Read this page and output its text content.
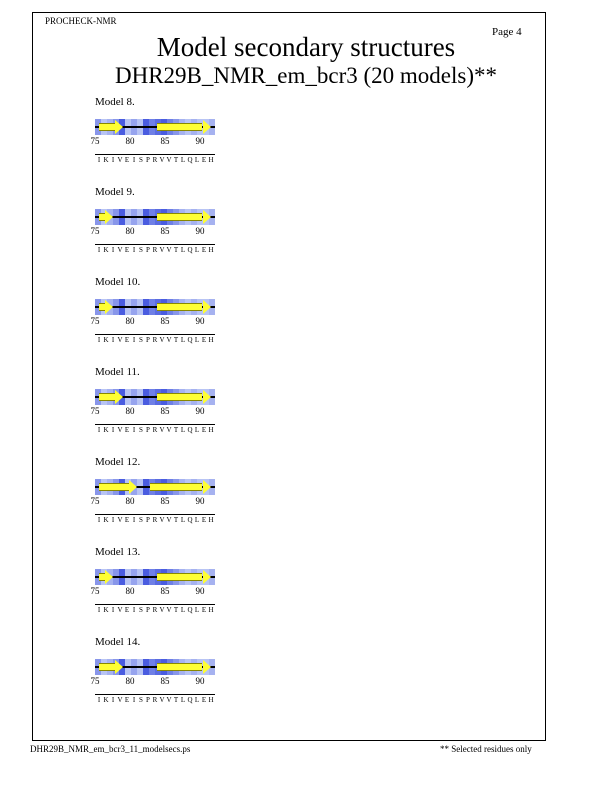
PROCHECK-NMR
Page 4
Model secondary structures
DHR29B_NMR_em_bcr3 (20 models)**
Model 8.
75	80	85	90
I K I V E I S P R V V T L Q L E H
Model 9.
75	80	85	90
I K I V E I S P R V V T L Q L E H
Model 10.
75	80	85	90
I K I V E I S P R V V T L Q L E H
Model 11.
75	80	85	90
I K I V E I S P R V V T L Q L E H
Model 12.
75	80	85	90
I K I V E I S P R V V T L Q L E H
Model 13.
75	80	85	90
I K I V E I S P R V V T L Q L E H
Model 14.
75	80	85	90
I K I V E I S P R V V T L Q L E H
DHR29B_NMR_em_bcr3_11_modelsecs.ps	** Selected residues only
